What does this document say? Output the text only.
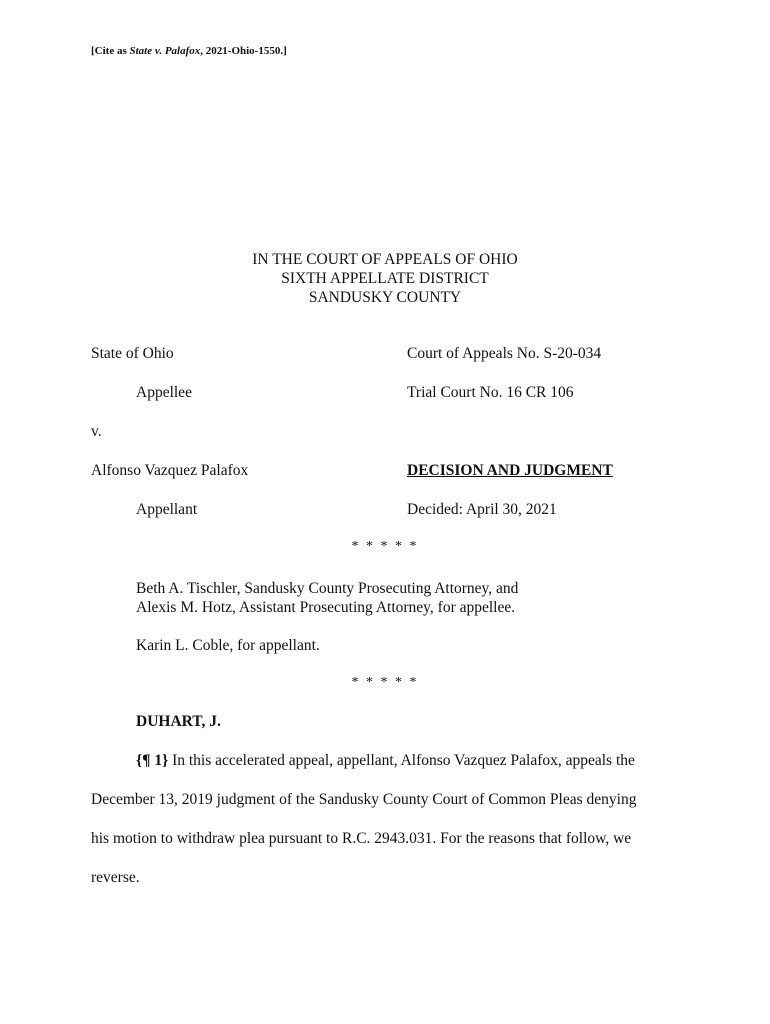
[Cite as State v. Palafox, 2021-Ohio-1550.]
IN THE COURT OF APPEALS OF OHIO
SIXTH APPELLATE DISTRICT
SANDUSKY COUNTY
State of Ohio	Court of Appeals No. S-20-034
Appellee	Trial Court No. 16 CR 106
v.
Alfonso Vazquez Palafox	DECISION AND JUDGMENT
Appellant	Decided: April 30, 2021
* * * * *
Beth A. Tischler, Sandusky County Prosecuting Attorney, and
Alexis M. Hotz, Assistant Prosecuting Attorney, for appellee.
Karin L. Coble, for appellant.
* * * * *
DUHART, J.
{¶ 1} In this accelerated appeal, appellant, Alfonso Vazquez Palafox, appeals the
December 13, 2019 judgment of the Sandusky County Court of Common Pleas denying
his motion to withdraw plea pursuant to R.C. 2943.031. For the reasons that follow, we
reverse.
